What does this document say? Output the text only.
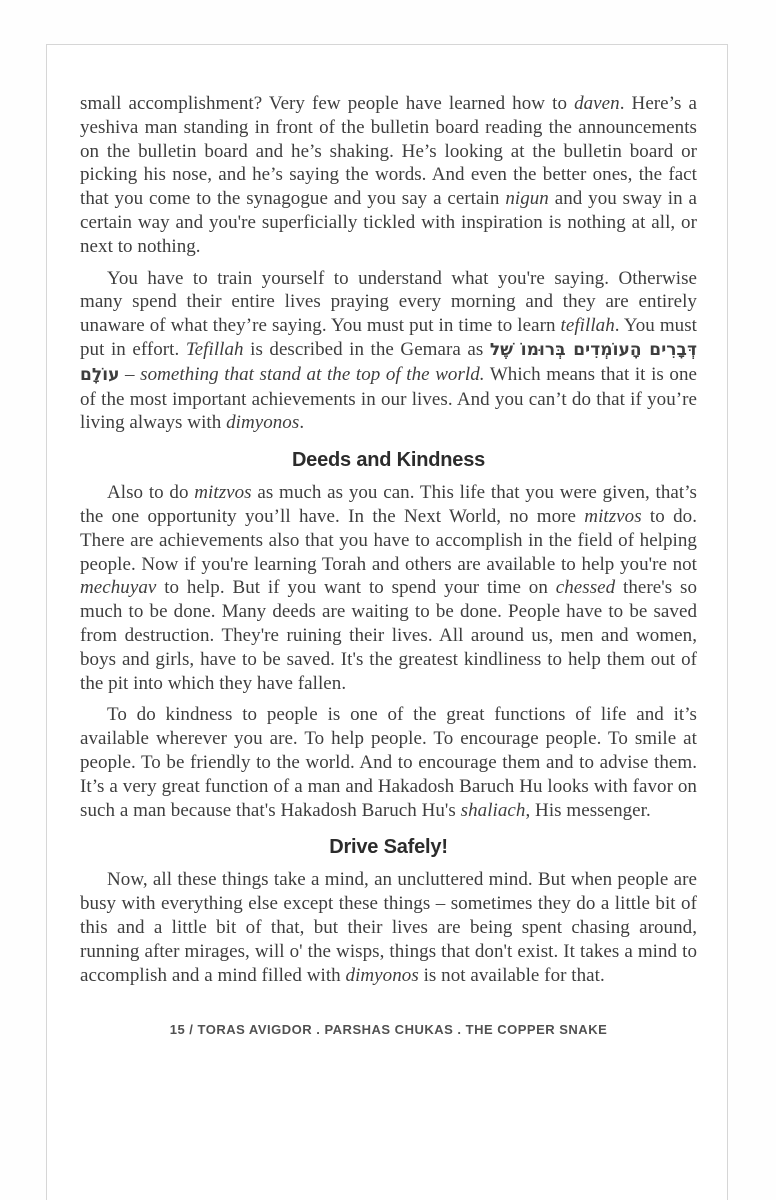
small accomplishment? Very few people have learned how to daven. Here’s a yeshiva man standing in front of the bulletin board reading the announcements on the bulletin board and he’s shaking. He’s looking at the bulletin board or picking his nose, and he’s saying the words. And even the better ones, the fact that you come to the synagogue and you say a certain nigun and you sway in a certain way and you're superficially tickled with inspiration is nothing at all, or next to nothing.

You have to train yourself to understand what you're saying. Otherwise many spend their entire lives praying every morning and they are entirely unaware of what they’re saying. You must put in time to learn tefillah. You must put in effort. Tefillah is described in the Gemara as דְּבָרִים הָעוֹמְדִים בְּרוּמוֹ שֶׁל עוֹלָם – something that stand at the top of the world. Which means that it is one of the most important achievements in our lives. And you can’t do that if you’re living always with dimyonos.

Deeds and Kindness

Also to do mitzvos as much as you can. This life that you were given, that’s the one opportunity you’ll have. In the Next World, no more mitzvos to do. There are achievements also that you have to accomplish in the field of helping people. Now if you're learning Torah and others are available to help you're not mechuyav to help. But if you want to spend your time on chessed there's so much to be done. Many deeds are waiting to be done. People have to be saved from destruction. They're ruining their lives. All around us, men and women, boys and girls, have to be saved. It's the greatest kindliness to help them out of the pit into which they have fallen.

To do kindness to people is one of the great functions of life and it’s available wherever you are. To help people. To encourage people. To smile at people. To be friendly to the world. And to encourage them and to advise them. It’s a very great function of a man and Hakadosh Baruch Hu looks with favor on such a man because that's Hakadosh Baruch Hu's shaliach, His messenger.

Drive Safely!

Now, all these things take a mind, an uncluttered mind. But when people are busy with everything else except these things – sometimes they do a little bit of this and a little bit of that, but their lives are being spent chasing around, running after mirages, will o' the wisps, things that don't exist. It takes a mind to accomplish and a mind filled with dimyonos is not available for that.

15 / TORAS AVIGDOR . PARSHAS CHUKAS . THE COPPER SNAKE
